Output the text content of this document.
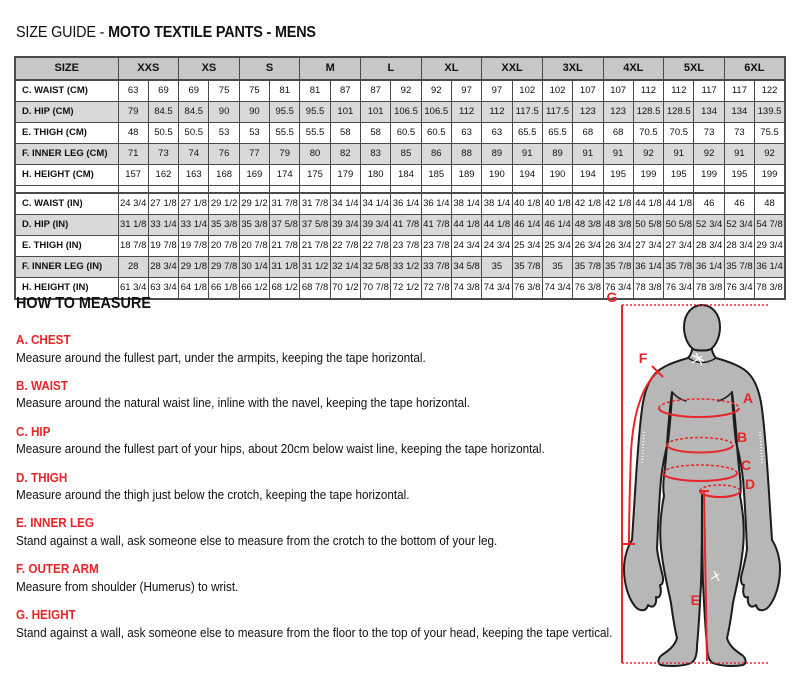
SIZE GUIDE - MOTO TEXTILE PANTS - MENS
SIZE	XXS		XS		S		M		L		XL		XXL		3XL		4XL		5XL		6XL	
C. WAIST (CM)	63	69	69	75	75	81	81	87	87	92	92	97	97	102	102	107	107	112	112	117	117	122
D. HIP (CM)	79	84.5	84.5	90	90	95.5	95.5	101	101	106.5	106.5	112	112	117.5	117.5	123	123	128.5	128.5	134	134	139.5
E. THIGH (CM)	48	50.5	50.5	53	53	55.5	55.5	58	58	60.5	60.5	63	63	65.5	65.5	68	68	70.5	70.5	73	73	75.5
F. INNER LEG (CM)	71	73	74	76	77	79	80	82	83	85	86	88	89	91	89	91	91	92	91	92	91	92
H. HEIGHT (CM)	157	162	163	168	169	174	175	179	180	184	185	189	190	194	190	194	195	199	195	199	195	199

C. WAIST (IN)	24 3/4	27 1/8	27 1/8	29 1/2	29 1/2	31 7/8	31 7/8	34 1/4	34 1/4	36 1/4	36 1/4	38 1/4	38 1/4	40 1/8	40 1/8	42 1/8	42 1/8	44 1/8	44 1/8	46	46	48
D. HIP (IN)	31 1/8	33 1/4	33 1/4	35 3/8	35 3/8	37 5/8	37 5/8	39 3/4	39 3/4	41 7/8	41 7/8	44 1/8	44 1/8	46 1/4	46 1/4	48 3/8	48 3/8	50 5/8	50 5/8	52 3/4	52 3/4	54 7/8
E. THIGH (IN)	18 7/8	19 7/8	19 7/8	20 7/8	20 7/8	21 7/8	21 7/8	22 7/8	22 7/8	23 7/8	23 7/8	24 3/4	24 3/4	25 3/4	25 3/4	26 3/4	26 3/4	27 3/4	27 3/4	28 3/4	28 3/4	29 3/4
F. INNER LEG (IN)	28	28 3/4	29 1/8	29 7/8	30 1/4	31 1/8	31 1/2	32 1/4	32 5/8	33 1/2	33 7/8	34 5/8	35	35 7/8	35	35 7/8	35 7/8	36 1/4	35 7/8	36 1/4	35 7/8	36 1/4
H. HEIGHT (IN)	61 3/4	63 3/4	64 1/8	66 1/8	66 1/2	68 1/2	68 7/8	70 1/2	70 7/8	72 1/2	72 7/8	74 3/8	74 3/4	76 3/8	74 3/4	76 3/8	76 3/4	78 3/8	76 3/4	78 3/8	76 3/4	78 3/8
HOW TO MEASURE
A. CHEST

Measure around the fullest part, under the armpits, keeping the tape horizontal.

B. WAIST

Measure around the natural waist line, inline with the navel, keeping the tape horizontal.

C. HIP

Measure around the fullest part of your hips, about 20cm below waist line, keeping the tape horizontal.

D. THIGH

Measure around the thigh just below the crotch, keeping the tape horizontal.

E. INNER LEG

Stand against a wall, ask someone else to measure from the crotch to the bottom of your leg.

F. OUTER ARM

Measure from shoulder (Humerus) to wrist.

G. HEIGHT

Stand against a wall, ask someone else to measure from the floor to the top of your head, keeping the tape vertical.

G
F
A
B
C
D
E
